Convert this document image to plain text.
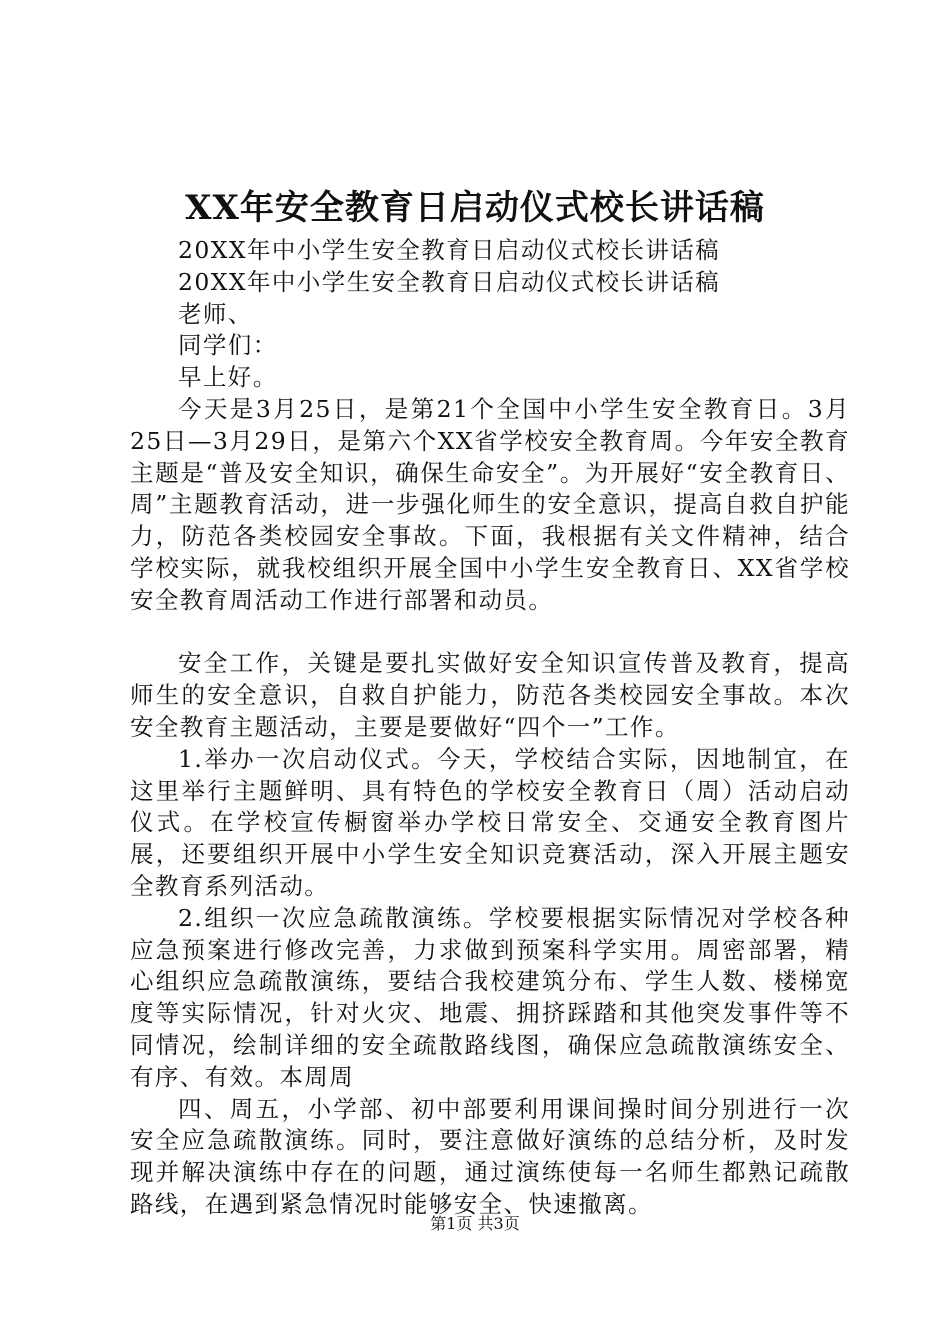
XX年安全教育日启动仪式校长讲话稿

20XX年中小学生安全教育日启动仪式校长讲话稿

20XX年中小学生安全教育日启动仪式校长讲话稿

老师、

同学们：

早上好。

今天是3月25日，是第21个全国中小学生安全教育日。3月25日—3月29日，是第六个XX省学校安全教育周。今年安全教育主题是“普及安全知识，确保生命安全”。为开展好“安全教育日、周”主题教育活动，进一步强化师生的安全意识，提高自救自护能力，防范各类校园安全事故。下面，我根据有关文件精神，结合学校实际，就我校组织开展全国中小学生安全教育日、XX省学校安全教育周活动工作进行部署和动员。

安全工作，关键是要扎实做好安全知识宣传普及教育，提高师生的安全意识，自救自护能力，防范各类校园安全事故。本次安全教育主题活动，主要是要做好“四个一”工作。

1.举办一次启动仪式。今天，学校结合实际，因地制宜，在这里举行主题鲜明、具有特色的学校安全教育日（周）活动启动仪式。在学校宣传橱窗举办学校日常安全、交通安全教育图片展，还要组织开展中小学生安全知识竞赛活动，深入开展主题安全教育系列活动。

2.组织一次应急疏散演练。学校要根据实际情况对学校各种应急预案进行修改完善，力求做到预案科学实用。周密部署，精心组织应急疏散演练，要结合我校建筑分布、学生人数、楼梯宽度等实际情况，针对火灾、地震、拥挤踩踏和其他突发事件等不同情况，绘制详细的安全疏散路线图，确保应急疏散演练安全、有序、有效。本周周

四、周五，小学部、初中部要利用课间操时间分别进行一次安全应急疏散演练。同时，要注意做好演练的总结分析，及时发现并解决演练中存在的问题，通过演练使每一名师生都熟记疏散路线，在遇到紧急情况时能够安全、快速撤离。

第1页 共3页
